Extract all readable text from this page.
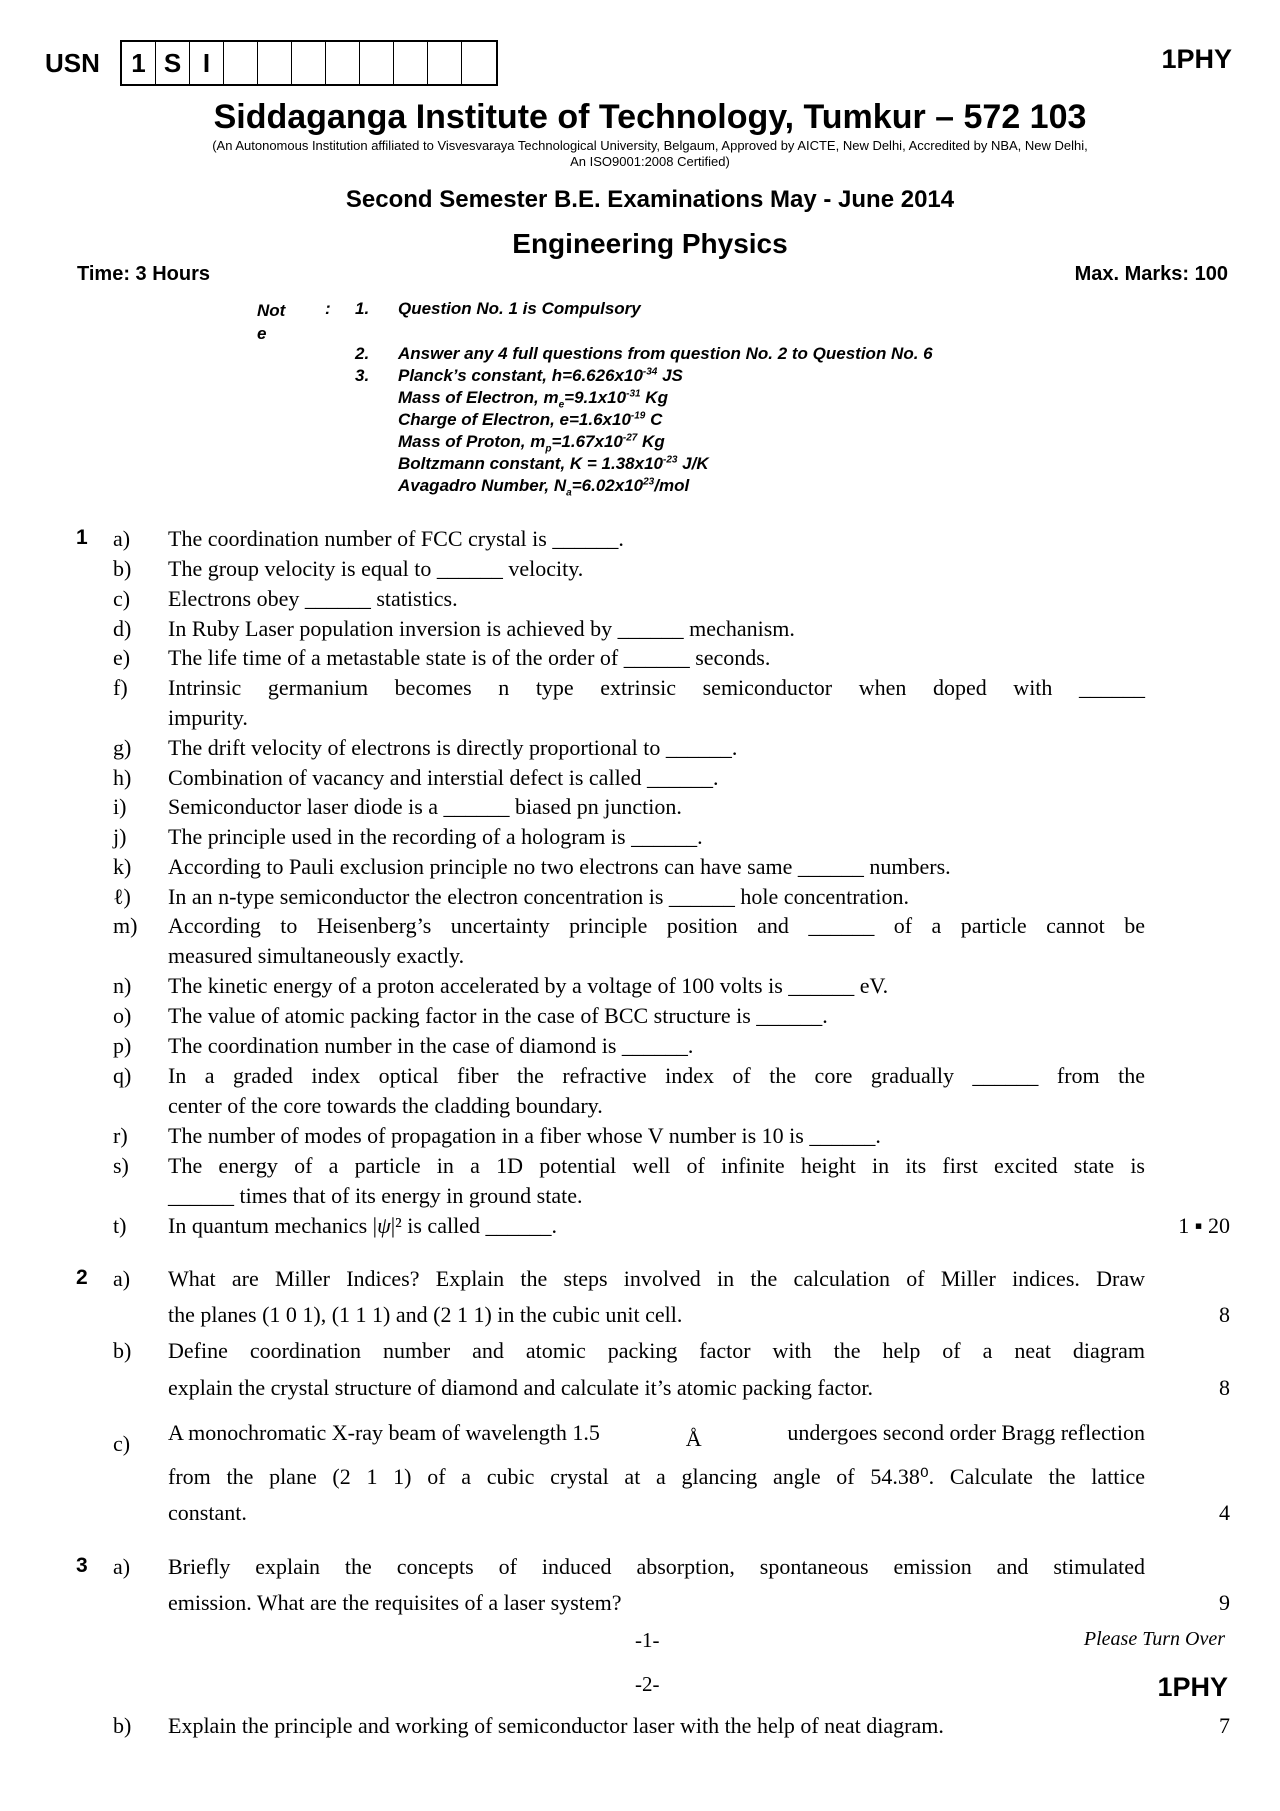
USN	1 S I	1PHY
Siddaganga Institute of Technology, Tumkur – 572 103
(An Autonomous Institution affiliated to Visvesvaraya Technological University, Belgaum, Approved by AICTE, New Delhi, Accredited by NBA, New Delhi,
An ISO9001:2008 Certified)
Second Semester B.E. Examinations May - June 2014
Engineering Physics
Time: 3 Hours	Max. Marks: 100
Note
: 1. Question No. 1 is Compulsory
2. Answer any 4 full questions from question No. 2 to Question No. 6
3. Planck’s constant, $h=6.626x10^{-34}$ JS
Mass of Electron, $m_e=9.1x10^{-31}$ Kg
Charge of Electron, $e=1.6x10^{-19}$ C
Mass of Proton, $m_p=1.67x10^{-27}$ Kg
Boltzmann constant, $K = 1.38x10^{-23}$ J/K
Avagadro Number, $N_a=6.02x10^{23}$/mol
1 a)	The coordination number of FCC crystal is ______.
b)	The group velocity is equal to ______ velocity.
c)	Electrons obey ______ statistics.
d)	In Ruby Laser population inversion is achieved by ______ mechanism.
e)	The life time of a metastable state is of the order of ______ seconds.
f)	Intrinsic germanium becomes n type extrinsic semiconductor when doped with ______
impurity.
g)	The drift velocity of electrons is directly proportional to ______.
h)	Combination of vacancy and interstial defect is called ______.
i)	Semiconductor laser diode is a ______ biased pn junction.
j)	The principle used in the recording of a hologram is ______.
k)	According to Pauli exclusion principle no two electrons can have same ______ numbers.
ℓ)	In an n-type semiconductor the electron concentration is ______ hole concentration.
m)	According to Heisenberg’s uncertainty principle position and ______ of a particle cannot be
measured simultaneously exactly.
n)	The kinetic energy of a proton accelerated by a voltage of 100 volts is ______ eV.
o)	The value of atomic packing factor in the case of BCC structure is ______.
p)	The coordination number in the case of diamond is ______.
q)	In a graded index optical fiber the refractive index of the core gradually ______ from the
center of the core towards the cladding boundary.
r)	The number of modes of propagation in a fiber whose V number is 10 is ______.
s)	The energy of a particle in a 1D potential well of infinite height in its first excited state is
______ times that of its energy in ground state.
t)	In quantum mechanics |ψ|² is called ______.	1 ▪ 20
2 a)	What are Miller Indices? Explain the steps involved in the calculation of Miller indices. Draw
the planes (1 0 1), (1 1 1) and (2 1 1) in the cubic unit cell.	8
b)	Define coordination number and atomic packing factor with the help of a neat diagram
explain the crystal structure of diamond and calculate it’s atomic packing factor.	8
c)	A monochromatic X-ray beam of wavelength 1.5	Å	undergoes second order Bragg reflection
from the plane (2 1 1) of a cubic crystal at a glancing angle of 54.38⁰. Calculate the lattice
constant.	4
3 a)	Briefly explain the concepts of induced absorption, spontaneous emission and stimulated
emission. What are the requisites of a laser system?	9
-1-	Please Turn Over
-2-	1PHY
b)	Explain the principle and working of semiconductor laser with the help of neat diagram.	7
